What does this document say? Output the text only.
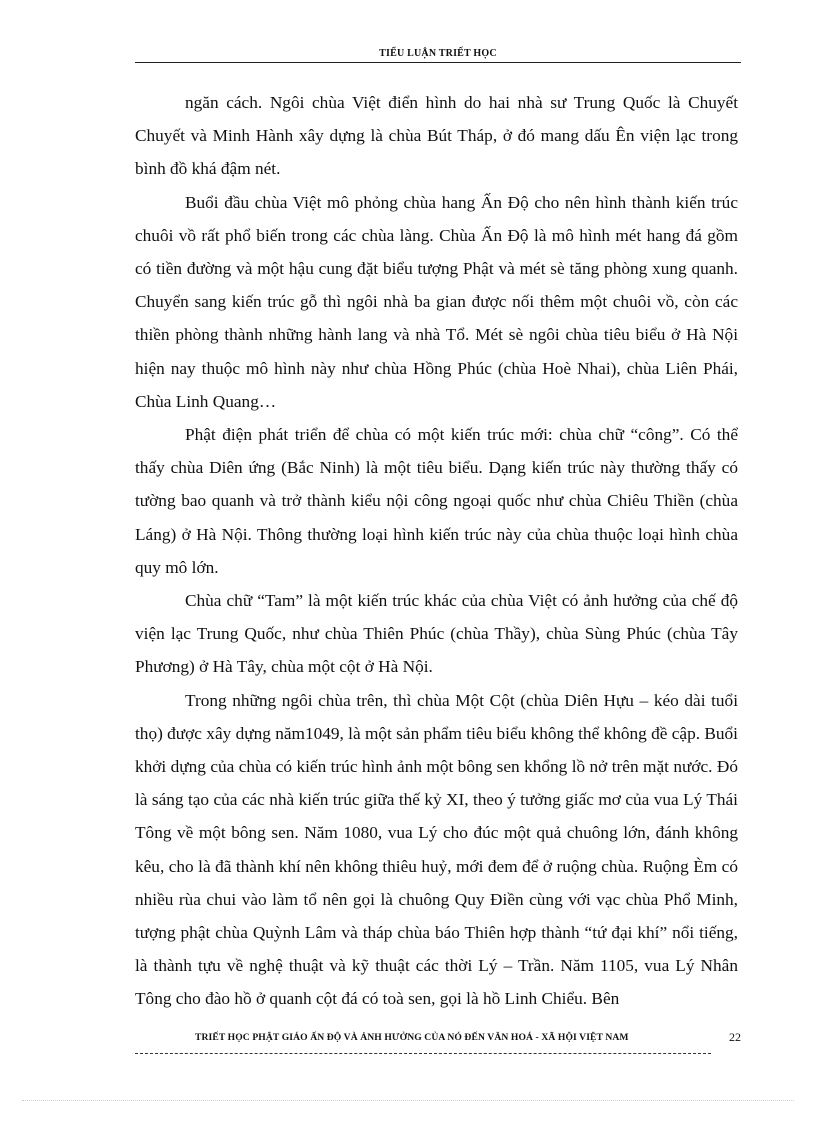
TIỂU LUẬN TRIẾT HỌC

ngăn cách. Ngôi chùa Việt điển hình do hai nhà sư Trung Quốc là Chuyết Chuyết và Minh Hành xây dựng là chùa Bút Tháp, ở đó mang dấu Ên viện lạc trong bình đồ khá đậm nét.

Buổi đầu chùa Việt mô phỏng chùa hang Ấn Độ cho nên hình thành kiến trúc chuôi vồ rất phổ biến trong các chùa làng. Chùa Ấn Độ là mô hình mét hang đá gồm có tiền đường và một hậu cung đặt biểu tượng Phật và mét sè tăng phòng xung quanh. Chuyển sang kiến trúc gỗ thì ngôi nhà ba gian được nối thêm một chuôi vồ, còn các thiền phòng thành những hành lang và nhà Tổ. Mét sè ngôi chùa tiêu biểu ở Hà Nội hiện nay thuộc mô hình này như chùa Hồng Phúc (chùa Hoè Nhai), chùa Liên Phái, Chùa Linh Quang…

Phật điện phát triển để chùa có một kiến trúc mới: chùa chữ “công”. Có thể thấy chùa Diên ứng (Bắc Ninh) là một tiêu biểu. Dạng kiến trúc này thường thấy có tường bao quanh và trở thành kiểu nội công ngoại quốc như chùa Chiêu Thiền (chùa Láng) ở Hà Nội. Thông thường loại hình kiến trúc này của chùa thuộc loại hình chùa quy mô lớn.

Chùa chữ “Tam” là một kiến trúc khác của chùa Việt có ảnh hưởng của chế độ viện lạc Trung Quốc, như chùa Thiên Phúc (chùa Thầy), chùa Sùng Phúc (chùa Tây Phương) ở Hà Tây, chùa một cột ở Hà Nội.

Trong những ngôi chùa trên, thì chùa Một Cột (chùa Diên Hựu – kéo dài tuổi thọ) được xây dựng năm1049, là một sản phẩm tiêu biểu không thể không đề cập. Buổi khởi dựng của chùa có kiến trúc hình ảnh một bông sen khổng lồ nở trên mặt nước. Đó là sáng tạo của các nhà kiến trúc giữa thế kỷ XI, theo ý tưởng giấc mơ của vua Lý Thái Tông về một bông sen. Năm 1080, vua Lý cho đúc một quả chuông lớn, đánh không kêu, cho là đã thành khí nên không thiêu huỷ, mới đem để ở ruộng chùa. Ruộng Èm có nhiều rùa chui vào làm tổ nên gọi là chuông Quy Điền cùng với vạc chùa Phổ Minh, tượng phật chùa Quỳnh Lâm và tháp chùa báo Thiên hợp thành “tứ đại khí” nổi tiếng, là thành tựu về nghệ thuật và kỹ thuật các thời Lý – Trần. Năm 1105, vua Lý Nhân Tông cho đào hồ ở quanh cột đá có toà sen, gọi là hồ Linh Chiểu. Bên

TRIẾT HỌC PHẬT GIÁO ẤN ĐỘ VÀ ẢNH HƯỞNG CỦA NÓ ĐẾN VĂN HOÁ - XÃ HỘI VIỆT NAM	22
